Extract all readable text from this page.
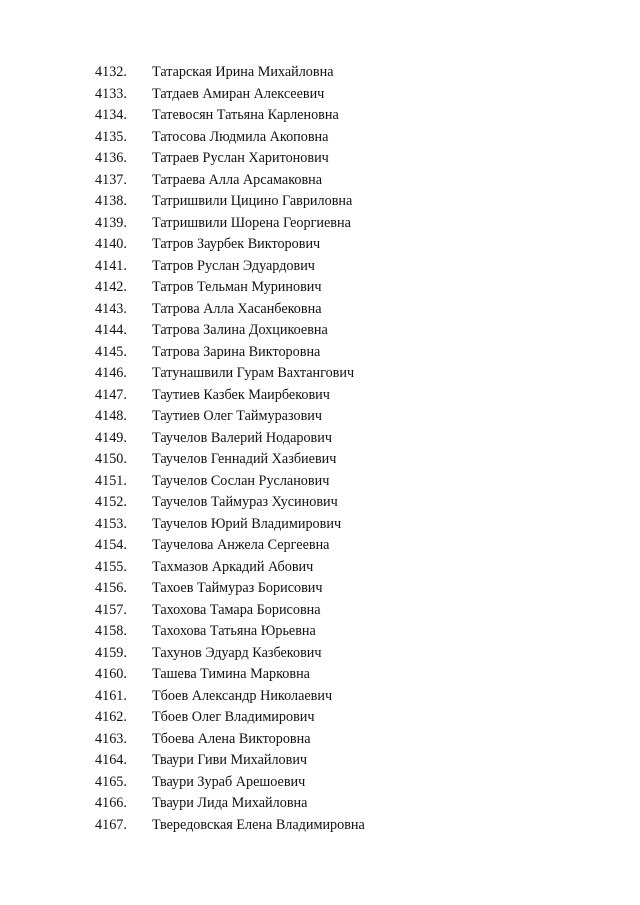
4132.	Татарская Ирина Михайловна
4133.	Татдаев Амиран Алексеевич
4134.	Татевосян Татьяна Карленовна
4135.	Татосова Людмила Акоповна
4136.	Татраев Руслан Харитонович
4137.	Татраева Алла Арсамаковна
4138.	Татришвили Цицино Гавриловна
4139.	Татришвили Шорена Георгиевна
4140.	Татров Заурбек Викторович
4141.	Татров Руслан Эдуардович
4142.	Татров Тельман Муринович
4143.	Татрова Алла Хасанбековна
4144.	Татрова Залина Дохцикоевна
4145.	Татрова Зарина Викторовна
4146.	Татунашвили Гурам Вахтангович
4147.	Таутиев Казбек Маирбекович
4148.	Таутиев Олег Таймуразович
4149.	Таучелов Валерий Нодарович
4150.	Таучелов Геннадий Хазбиевич
4151.	Таучелов Сослан Русланович
4152.	Таучелов Таймураз Хусинович
4153.	Таучелов Юрий Владимирович
4154.	Таучелова Анжела Сергеевна
4155.	Тахмазов Аркадий Абович
4156.	Тахоев Таймураз Борисович
4157.	Тахохова Тамара Борисовна
4158.	Тахохова Татьяна Юрьевна
4159.	Тахунов Эдуард Казбекович
4160.	Ташева Тимина Марковна
4161.	Тбоев Александр Николаевич
4162.	Тбоев Олег Владимирович
4163.	Тбоева Алена Викторовна
4164.	Тваури Гиви Михайлович
4165.	Тваури Зураб Арешоевич
4166.	Тваури Лида Михайловна
4167.	Твередовская Елена Владимировна
